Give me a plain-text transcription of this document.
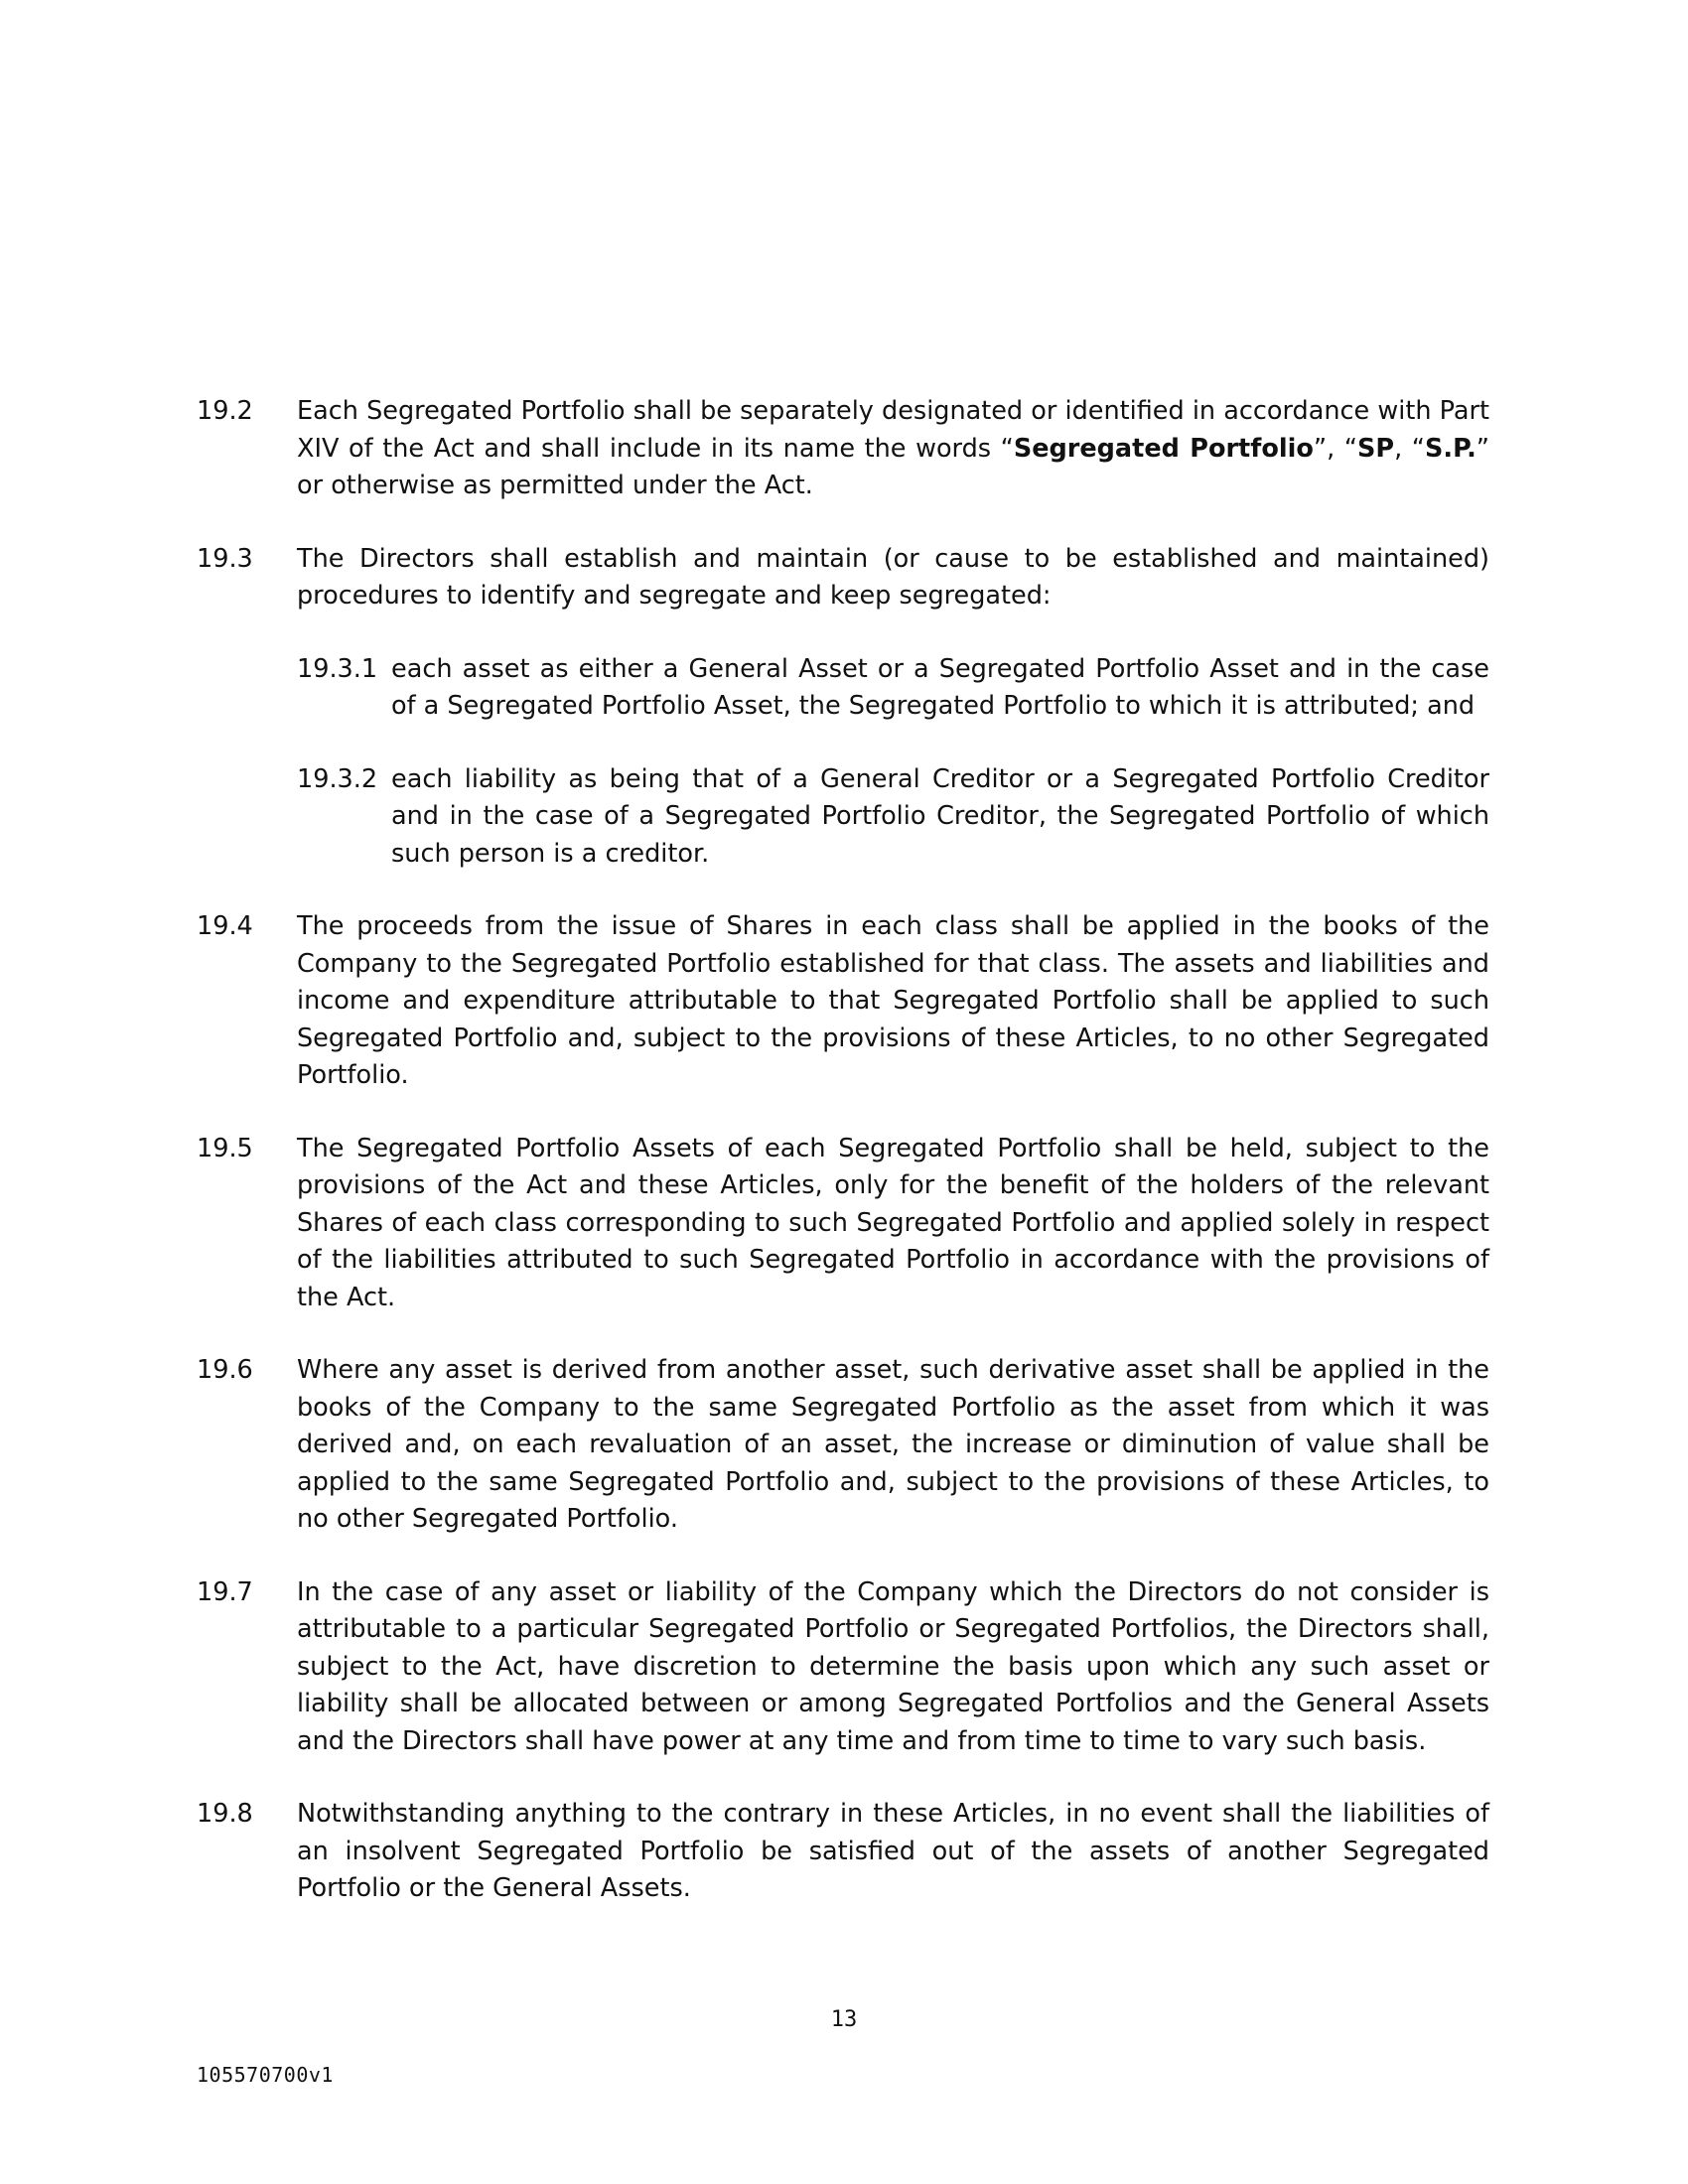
19.2	Each Segregated Portfolio shall be separately designated or identified in accordance with Part XIV of the Act and shall include in its name the words “Segregated Portfolio”, “SP, “S.P.” or otherwise as permitted under the Act.
19.3	The Directors shall establish and maintain (or cause to be established and maintained) procedures to identify and segregate and keep segregated:
19.3.1 each asset as either a General Asset or a Segregated Portfolio Asset and in the case of a Segregated Portfolio Asset, the Segregated Portfolio to which it is attributed; and
19.3.2 each liability as being that of a General Creditor or a Segregated Portfolio Creditor and in the case of a Segregated Portfolio Creditor, the Segregated Portfolio of which such person is a creditor.
19.4	The proceeds from the issue of Shares in each class shall be applied in the books of the Company to the Segregated Portfolio established for that class. The assets and liabilities and income and expenditure attributable to that Segregated Portfolio shall be applied to such Segregated Portfolio and, subject to the provisions of these Articles, to no other Segregated Portfolio.
19.5	The Segregated Portfolio Assets of each Segregated Portfolio shall be held, subject to the provisions of the Act and these Articles, only for the benefit of the holders of the relevant Shares of each class corresponding to such Segregated Portfolio and applied solely in respect of the liabilities attributed to such Segregated Portfolio in accordance with the provisions of the Act.
19.6	Where any asset is derived from another asset, such derivative asset shall be applied in the books of the Company to the same Segregated Portfolio as the asset from which it was derived and, on each revaluation of an asset, the increase or diminution of value shall be applied to the same Segregated Portfolio and, subject to the provisions of these Articles, to no other Segregated Portfolio.
19.7	In the case of any asset or liability of the Company which the Directors do not consider is attributable to a particular Segregated Portfolio or Segregated Portfolios, the Directors shall, subject to the Act, have discretion to determine the basis upon which any such asset or liability shall be allocated between or among Segregated Portfolios and the General Assets and the Directors shall have power at any time and from time to time to vary such basis.
19.8	Notwithstanding anything to the contrary in these Articles, in no event shall the liabilities of an insolvent Segregated Portfolio be satisfied out of the assets of another Segregated Portfolio or the General Assets.
13
105570700v1
